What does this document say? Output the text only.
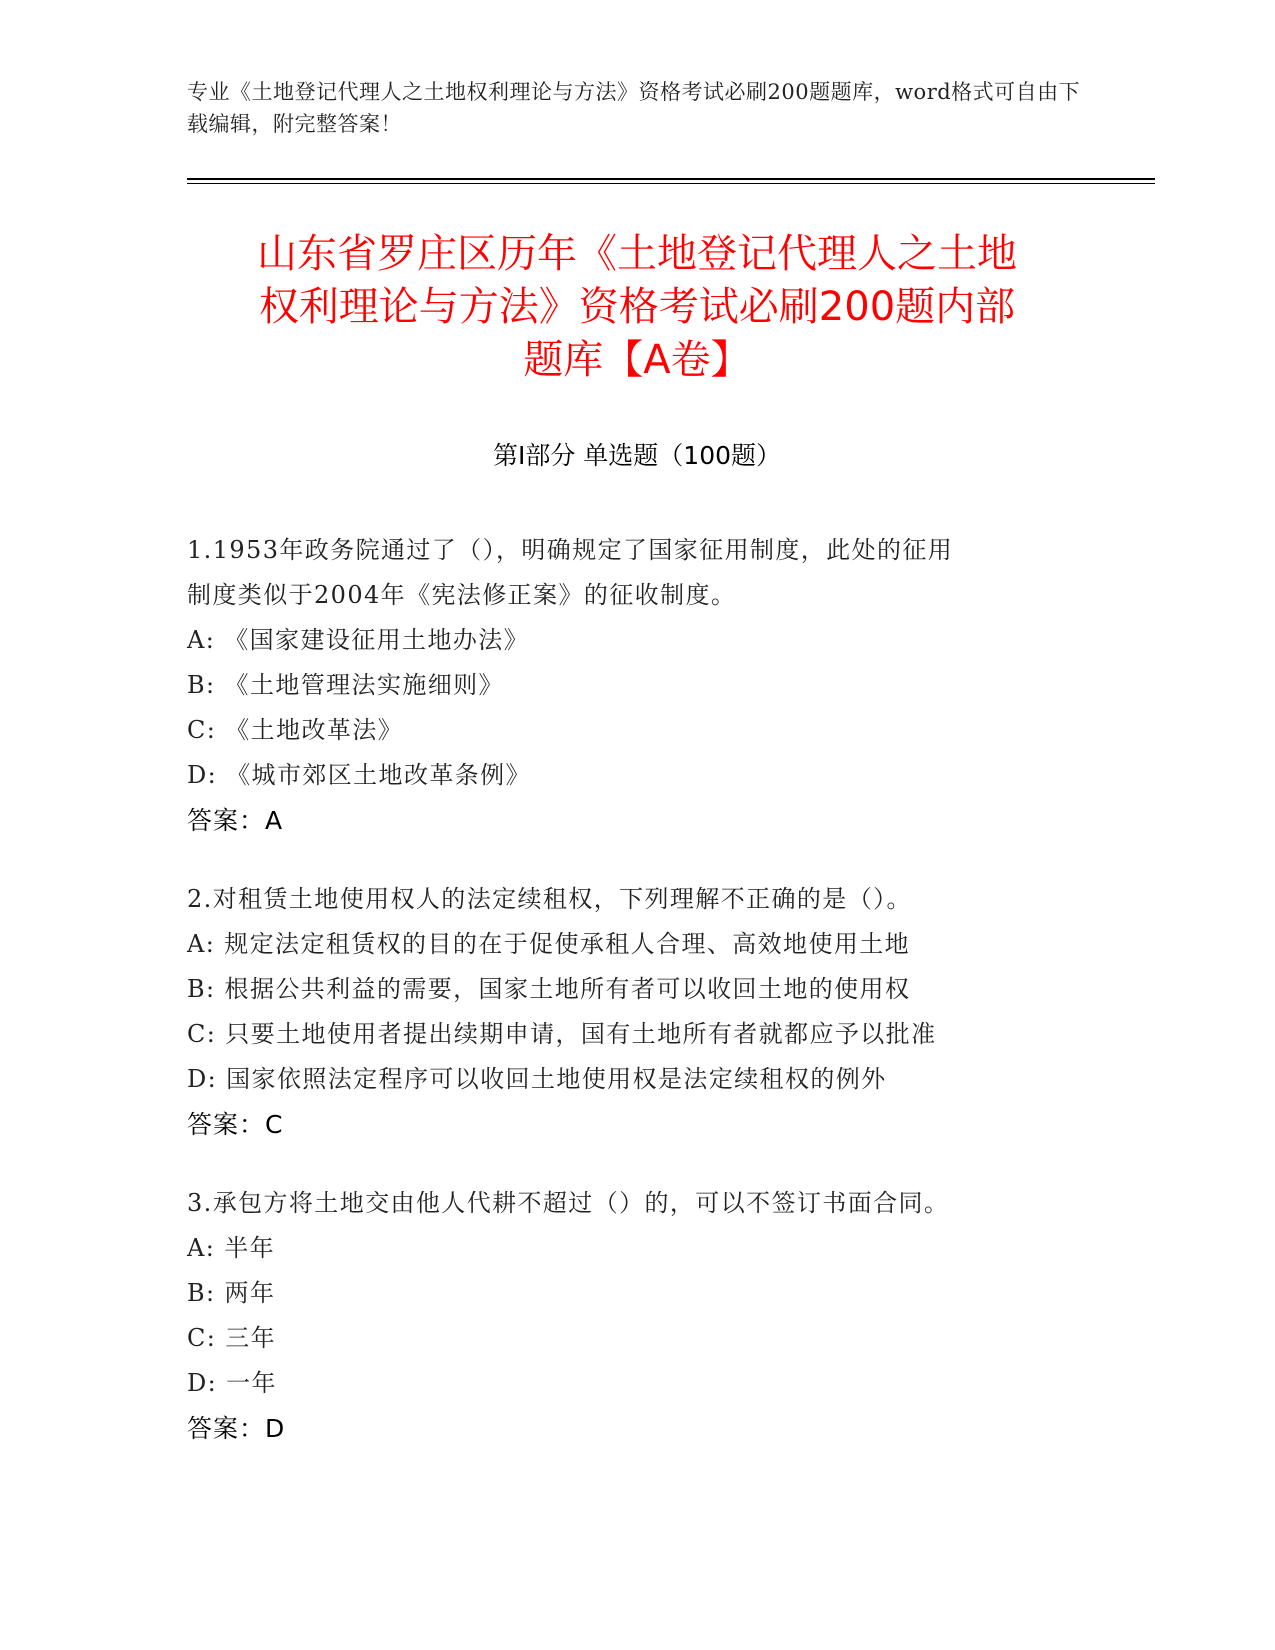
专业《土地登记代理人之土地权利理论与方法》资格考试必刷200题题库，word格式可自由下载编辑，附完整答案！
山东省罗庄区历年《土地登记代理人之土地
权利理论与方法》资格考试必刷200题内部
题库【A卷】
第I部分 单选题（100题）
1.1953年政务院通过了（），明确规定了国家征用制度，此处的征用
制度类似于2004年《宪法修正案》的征收制度。
A: 《国家建设征用土地办法》
B: 《土地管理法实施细则》
C: 《土地改革法》
D: 《城市郊区土地改革条例》
答案：A
2.对租赁土地使用权人的法定续租权，下列理解不正确的是（）。
A: 规定法定租赁权的目的在于促使承租人合理、高效地使用土地
B: 根据公共利益的需要，国家土地所有者可以收回土地的使用权
C: 只要土地使用者提出续期申请，国有土地所有者就都应予以批准
D: 国家依照法定程序可以收回土地使用权是法定续租权的例外
答案：C
3.承包方将土地交由他人代耕不超过（）的，可以不签订书面合同。
A: 半年
B: 两年
C: 三年
D: 一年
答案：D
